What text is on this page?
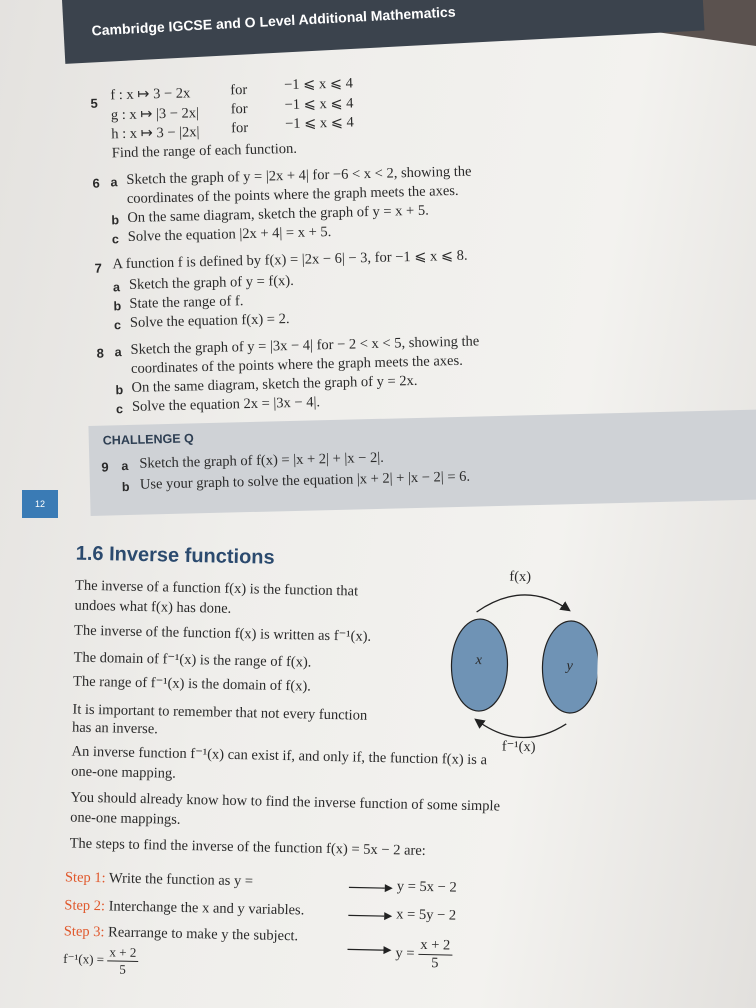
Cambridge IGCSE and O Level Additional Mathematics
12
5 f : x ↦ 3 − 2x	for	−1 ⩽ x ⩽ 4
g : x ↦ |3 − 2x| for	−1 ⩽ x ⩽ 4
h : x ↦ 3 − |2x| for	−1 ⩽ x ⩽ 4
Find the range of each function.
6 a Sketch the graph of y = |2x + 4| for −6 < x < 2, showing the
coordinates of the points where the graph meets the axes.
b On the same diagram, sketch the graph of y = x + 5.
c Solve the equation |2x + 4| = x + 5.
7 A function f is defined by f(x) = |2x − 6| − 3, for −1 ⩽ x ⩽ 8.
a Sketch the graph of y = f(x).
b State the range of f.
c Solve the equation f(x) = 2.
8 a Sketch the graph of y = |3x − 4| for − 2 < x < 5, showing the
coordinates of the points where the graph meets the axes.
b On the same diagram, sketch the graph of y = 2x.
c Solve the equation 2x = |3x − 4|.
CHALLENGE Q
9 a Sketch the graph of f(x) = |x + 2| + |x − 2|.
b Use your graph to solve the equation |x + 2| + |x − 2| = 6.
1.6 Inverse functions
The inverse of a function f(x) is the function that
undoes what f(x) has done.
The inverse of the function f(x) is written as f⁻¹(x).
The domain of f⁻¹(x) is the range of f(x).
The range of f⁻¹(x) is the domain of f(x).
It is important to remember that not every function
has an inverse.
An inverse function f⁻¹(x) can exist if, and only if, the function f(x) is a
one-one mapping.
You should already know how to find the inverse function of some simple
one-one mappings.
The steps to find the inverse of the function f(x) = 5x − 2 are:
f(x)
x	y
f⁻¹(x)
Step 1: Write the function as y =	y = 5x − 2
Step 2: Interchange the x and y variables.	x = 5y − 2
Step 3: Rearrange to make y the subject.
$y = \frac{x + 2}{5}$
$f^{-1}(x) = \frac{x + 2}{5}$
